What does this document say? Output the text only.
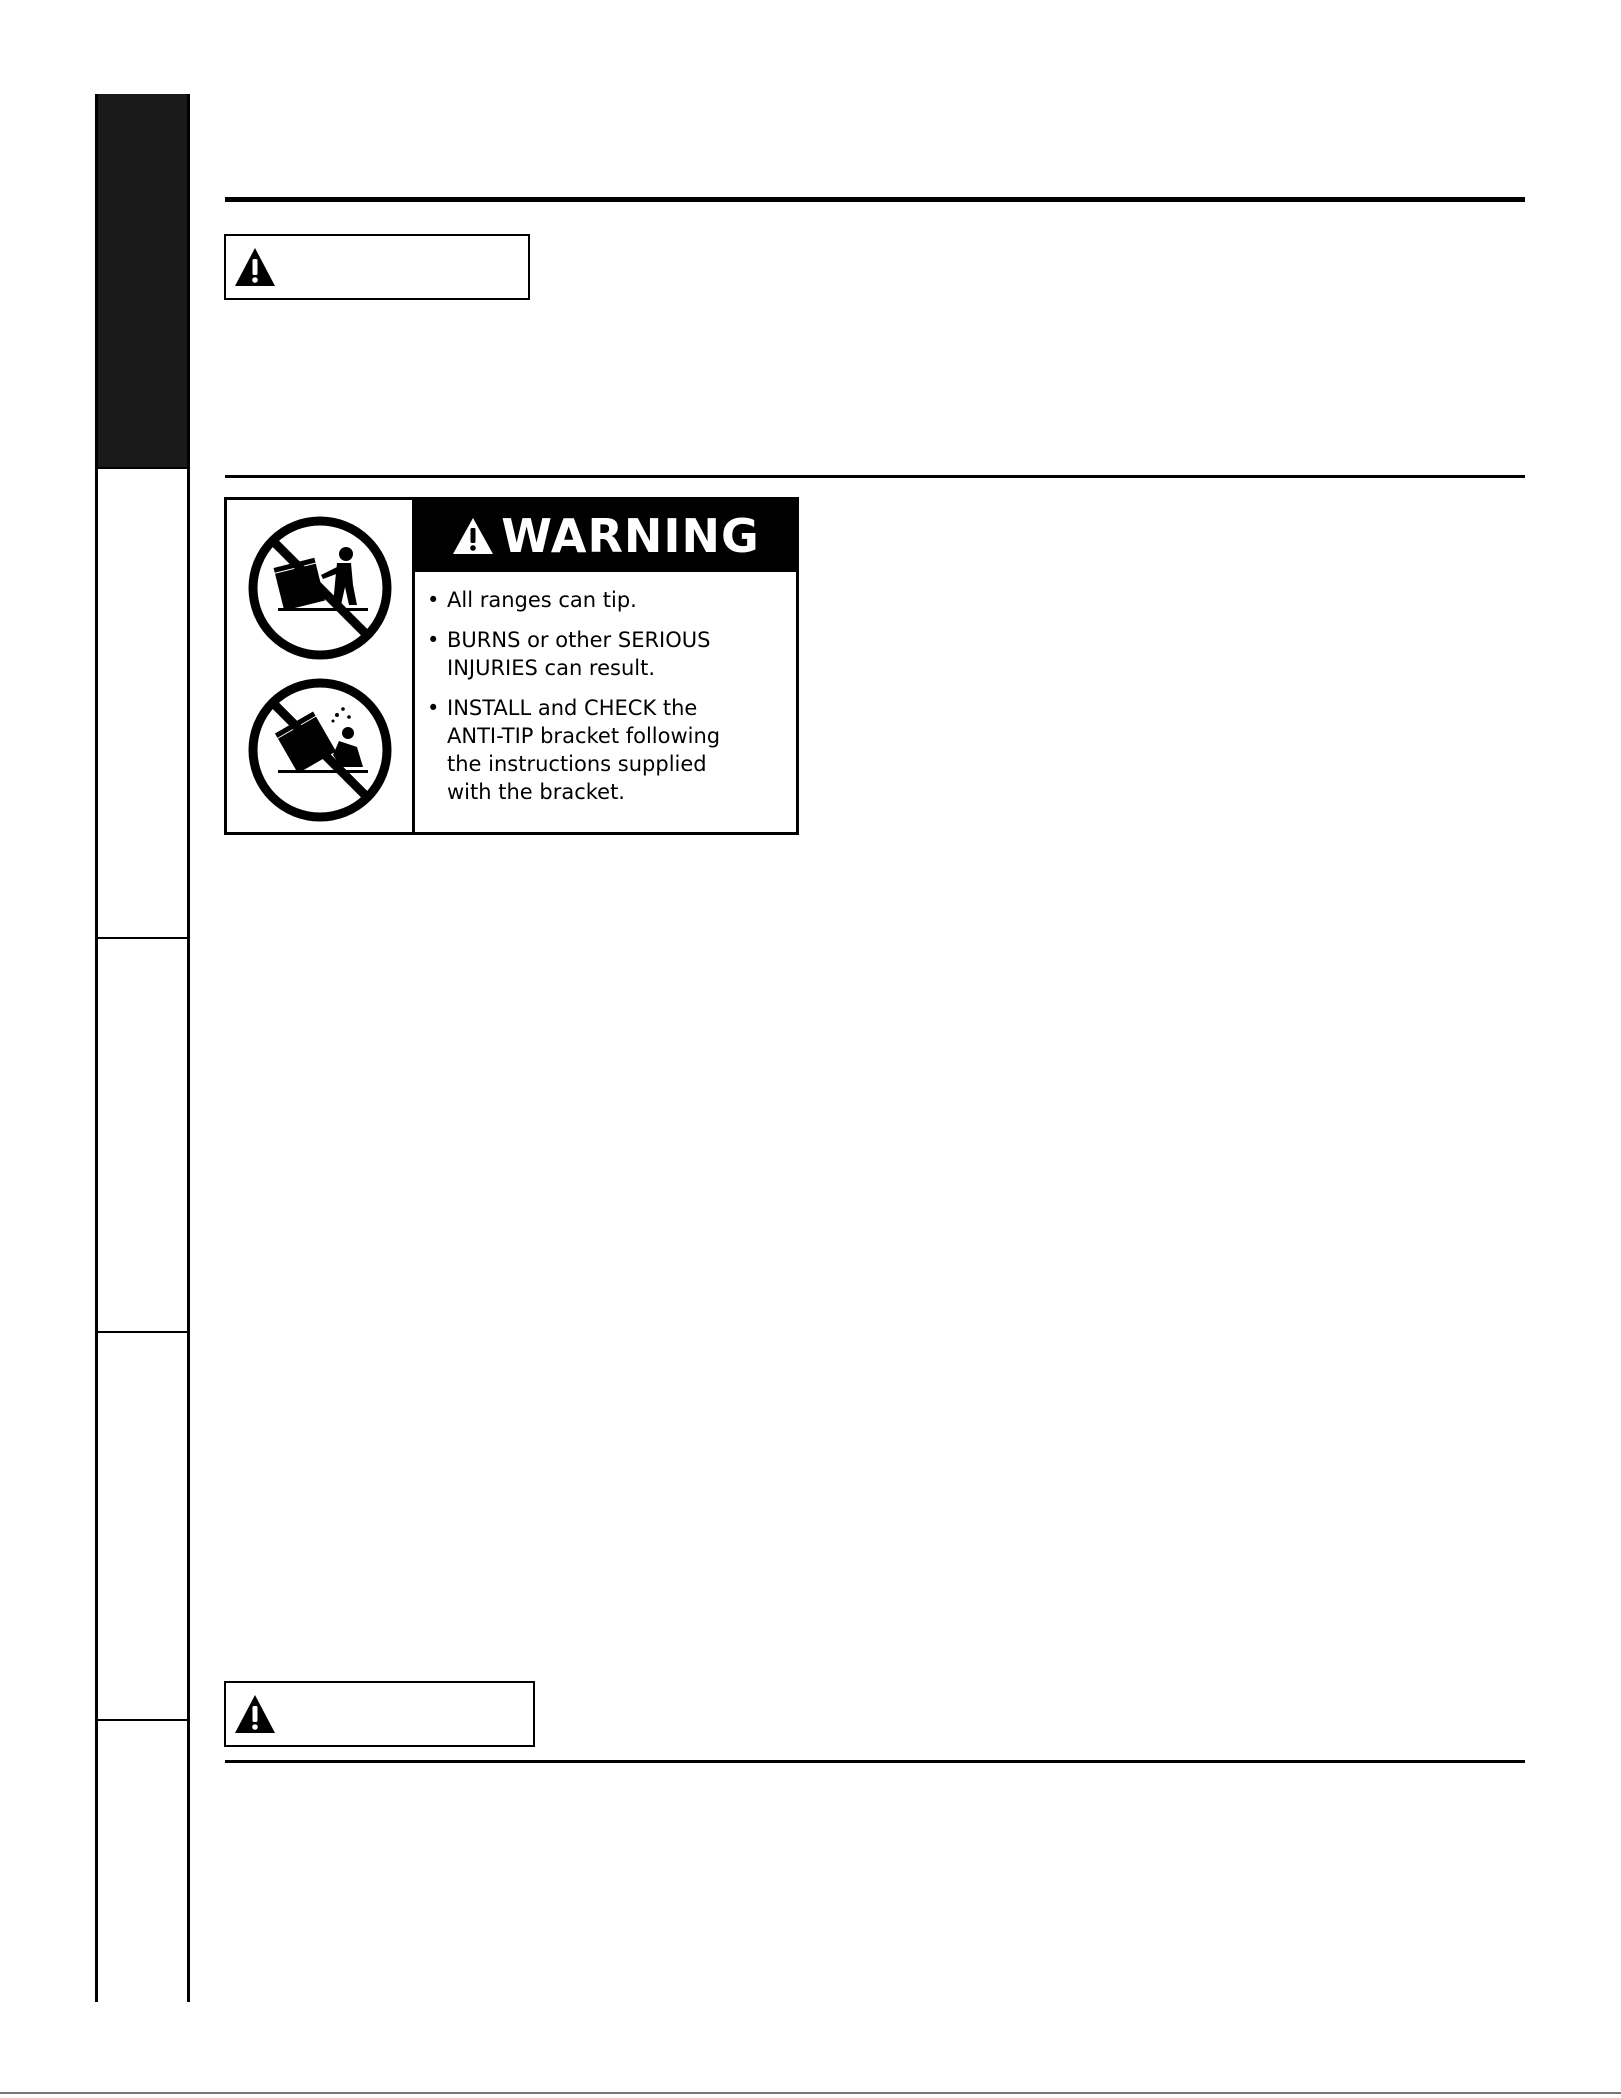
WARNING
• All ranges can tip.
• BURNS or other SERIOUS
INJURIES can result.
• INSTALL and CHECK the
ANTI-TIP bracket following
the instructions supplied
with the bracket.
